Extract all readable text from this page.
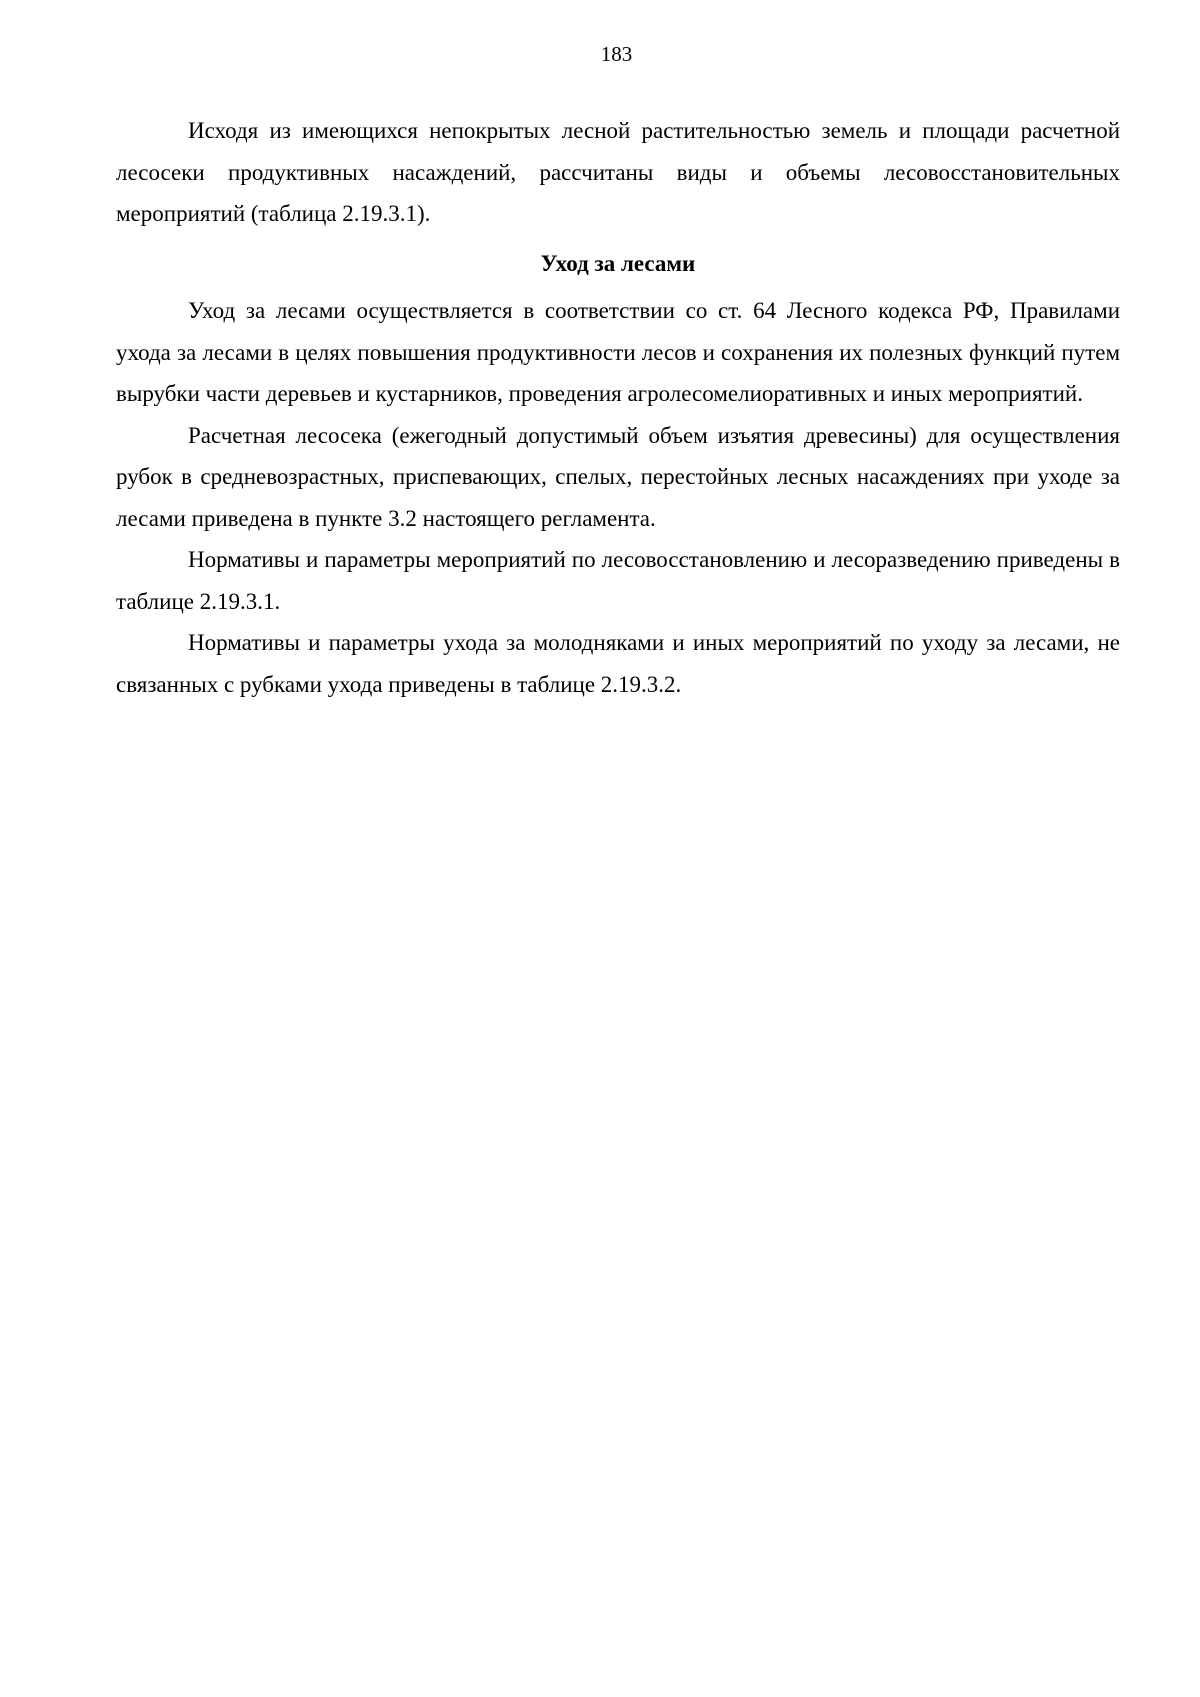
183

Исходя из имеющихся непокрытых лесной растительностью земель и площади расчетной лесосеки продуктивных насаждений, рассчитаны виды и объемы лесовосстановительных мероприятий (таблица 2.19.3.1).

Уход за лесами

Уход за лесами осуществляется в соответствии со ст. 64 Лесного кодекса РФ, Правилами ухода за лесами в целях повышения продуктивности лесов и сохранения их полезных функций путем вырубки части деревьев и кустарников, проведения агролесомелиоративных и иных мероприятий.

Расчетная лесосека (ежегодный допустимый объем изъятия древесины) для осуществления рубок в средневозрастных, приспевающих, спелых, перестойных лесных насаждениях при уходе за лесами приведена в пункте 3.2 настоящего регламента.

Нормативы и параметры мероприятий по лесовосстановлению и лесоразведению приведены в таблице 2.19.3.1.

Нормативы и параметры ухода за молодняками и иных мероприятий по уходу за лесами, не связанных с рубками ухода приведены в таблице 2.19.3.2.
